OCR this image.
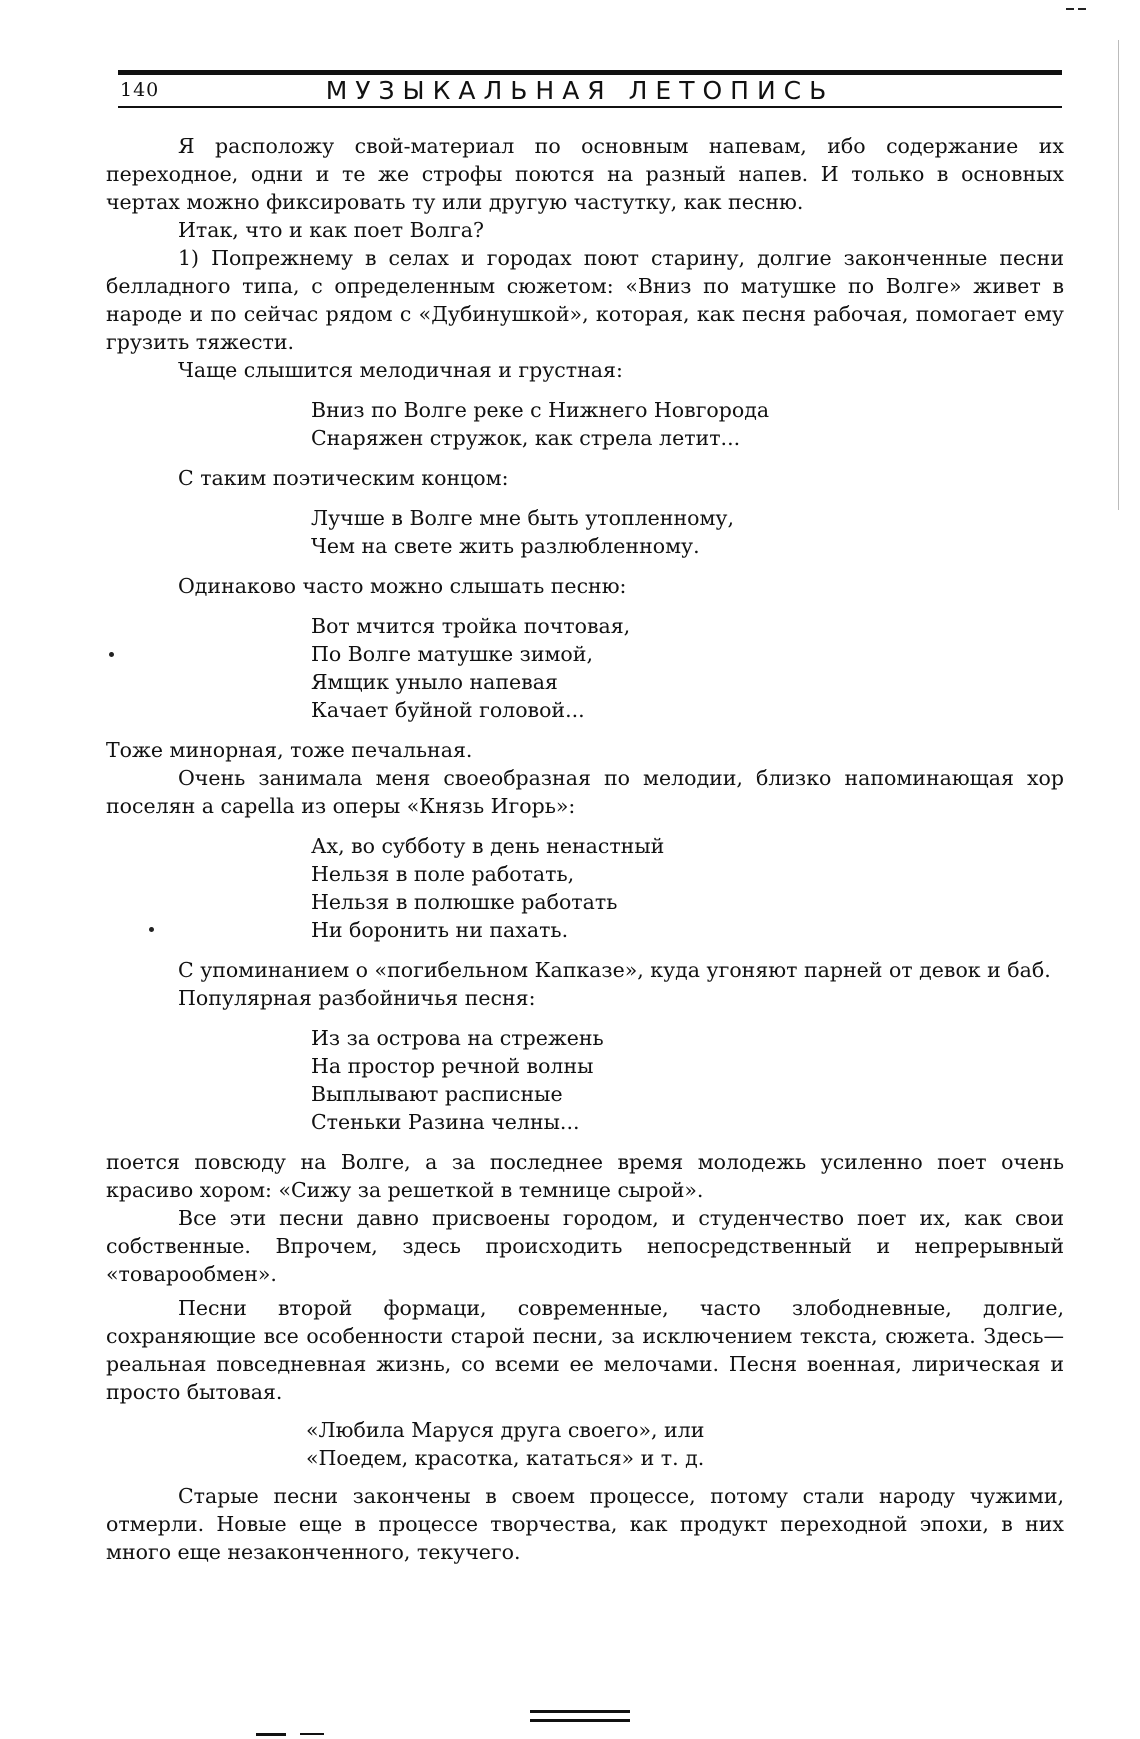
140	МУЗЫКАЛЬНАЯ ЛЕТОПИСЬ

Я расположу свой-материал по основным напевам, ибо содержание их переходное, одни и те же строфы поются на разный напев. И только в основных чертах можно фиксировать ту или другую частутку, как песню.

Итак, что и как поет Волга?

1) Попрежнему в селах и городах поют старину, долгие законченные песни белладного типа, с определенным сюжетом: «Вниз по матушке по Волге» живет в народе и по сейчас рядом с «Дубинушкой», которая, как песня рабочая, помогает ему грузить тяжести.

Чаще слышится мелодичная и грустная:

Вниз по Волге реке с Нижнего Новгорода
Снаряжен стружок, как стрела летит...

С таким поэтическим концом:

Лучше в Волге мне быть утопленному,
Чем на свете жить разлюбленному.

Одинаково часто можно слышать песню:

Вот мчится тройка почтовая,
По Волге матушке зимой,
Ямщик уныло напевая
Качает буйной головой...

Тоже минорная, тоже печальная.

Очень занимала меня своеобразная по мелодии, близко напоминающая хор поселян a capella из оперы «Князь Игорь»:

Ах, во субботу в день ненастный
Нельзя в поле работать,
Нельзя в полюшке работать
Ни боронить ни пахать.

С упоминанием о «погибельном Капказе», куда угоняют парней от девок и баб.

Популярная разбойничья песня:

Из за острова на стрежень
На простор речной волны
Выплывают расписные
Стеньки Разина челны...

поется повсюду на Волге, а за последнее время молодежь усиленно поет очень красиво хором: «Сижу за решеткой в темнице сырой».

Все эти песни давно присвоены городом, и студенчество поет их, как свои собственные. Впрочем, здесь происходить непосредственный и непрерывный «товарообмен».

Песни второй формаци, современные, часто злободневные, долгие, сохраняющие все особенности старой песни, за исключением текста, сюжета. Здесь—реальная повседневная жизнь, со всеми ее мелочами. Песня военная, лирическая и просто бытовая.

«Любила Маруся друга своего», или
«Поедем, красотка, кататься» и т. д.

Старые песни закончены в своем процессе, потому стали народу чужими, отмерли. Новые еще в процессе творчества, как продукт переходной эпохи, в них много еще незаконченного, текучего.
